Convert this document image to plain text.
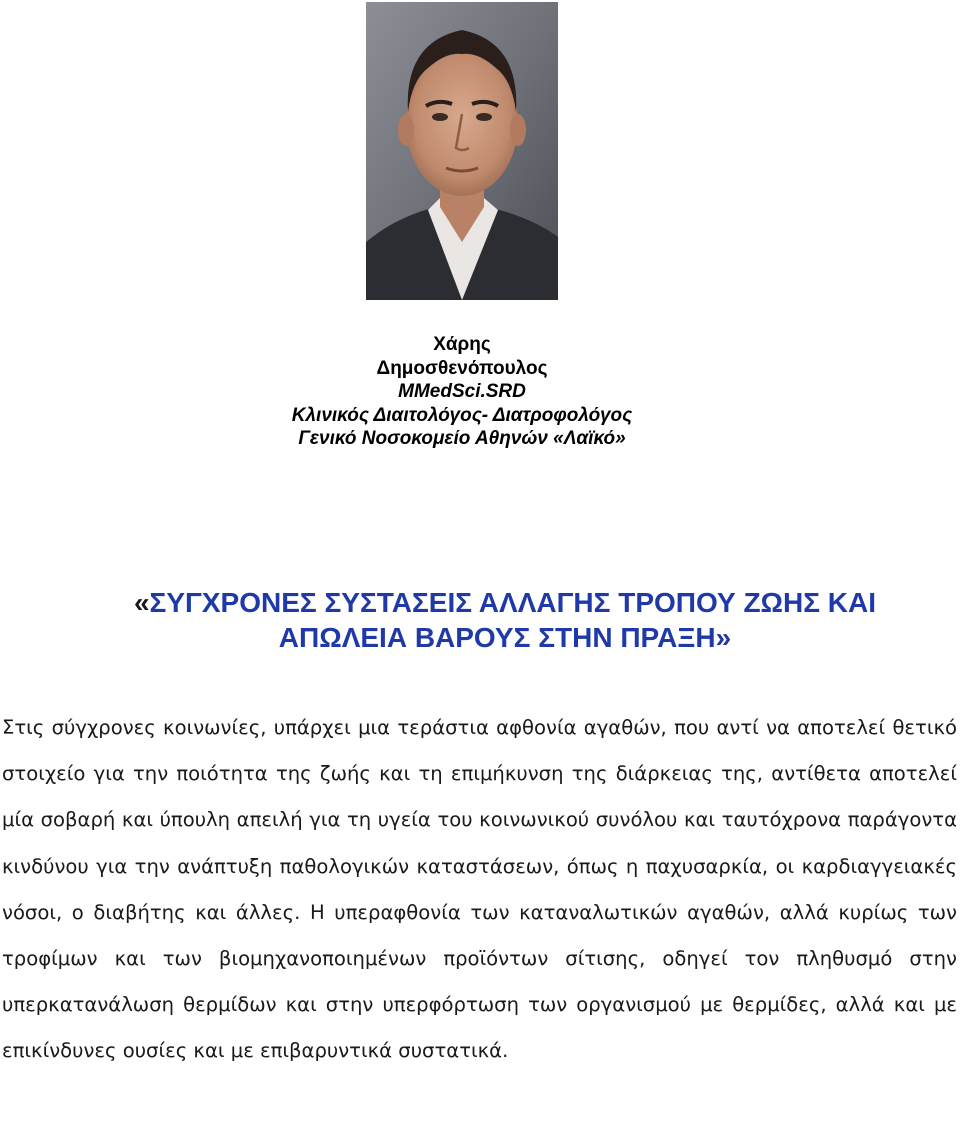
Χάρης
Δημοσθενόπουλος
MMedSci.SRD
Κλινικός Διαιτολόγος- Διατροφολόγος
Γενικό Νοσοκομείο Αθηνών «Λαϊκό»
«ΣΥΓΧΡΟΝΕΣ ΣΥΣΤΑΣΕΙΣ ΑΛΛΑΓΗΣ ΤΡΟΠΟΥ ΖΩΗΣ ΚΑΙ ΑΠΩΛΕΙΑ ΒΑΡΟΥΣ ΣΤΗΝ ΠΡΑΞΗ»

Στις σύγχρονες κοινωνίες, υπάρχει μια τεράστια αφθονία αγαθών, που αντί να αποτελεί θετικό στοιχείο για την ποιότητα της ζωής και τη επιμήκυνση της διάρκειας της, αντίθετα αποτελεί μία σοβαρή και ύπουλη απειλή για τη υγεία του κοινωνικού συνόλου και ταυτόχρονα παράγοντα κινδύνου για την ανάπτυξη παθολογικών καταστάσεων, όπως η παχυσαρκία, οι καρδιαγγειακές νόσοι, ο διαβήτης και άλλες. Η υπεραφθονία των καταναλωτικών αγαθών, αλλά κυρίως των τροφίμων και των βιομηχανοποιημένων προϊόντων σίτισης, οδηγεί τον πληθυσμό στην υπερκατανάλωση θερμίδων και στην υπερφόρτωση των οργανισμού με θερμίδες, αλλά και με επικίνδυνες ουσίες και με επιβαρυντικά συστατικά.
